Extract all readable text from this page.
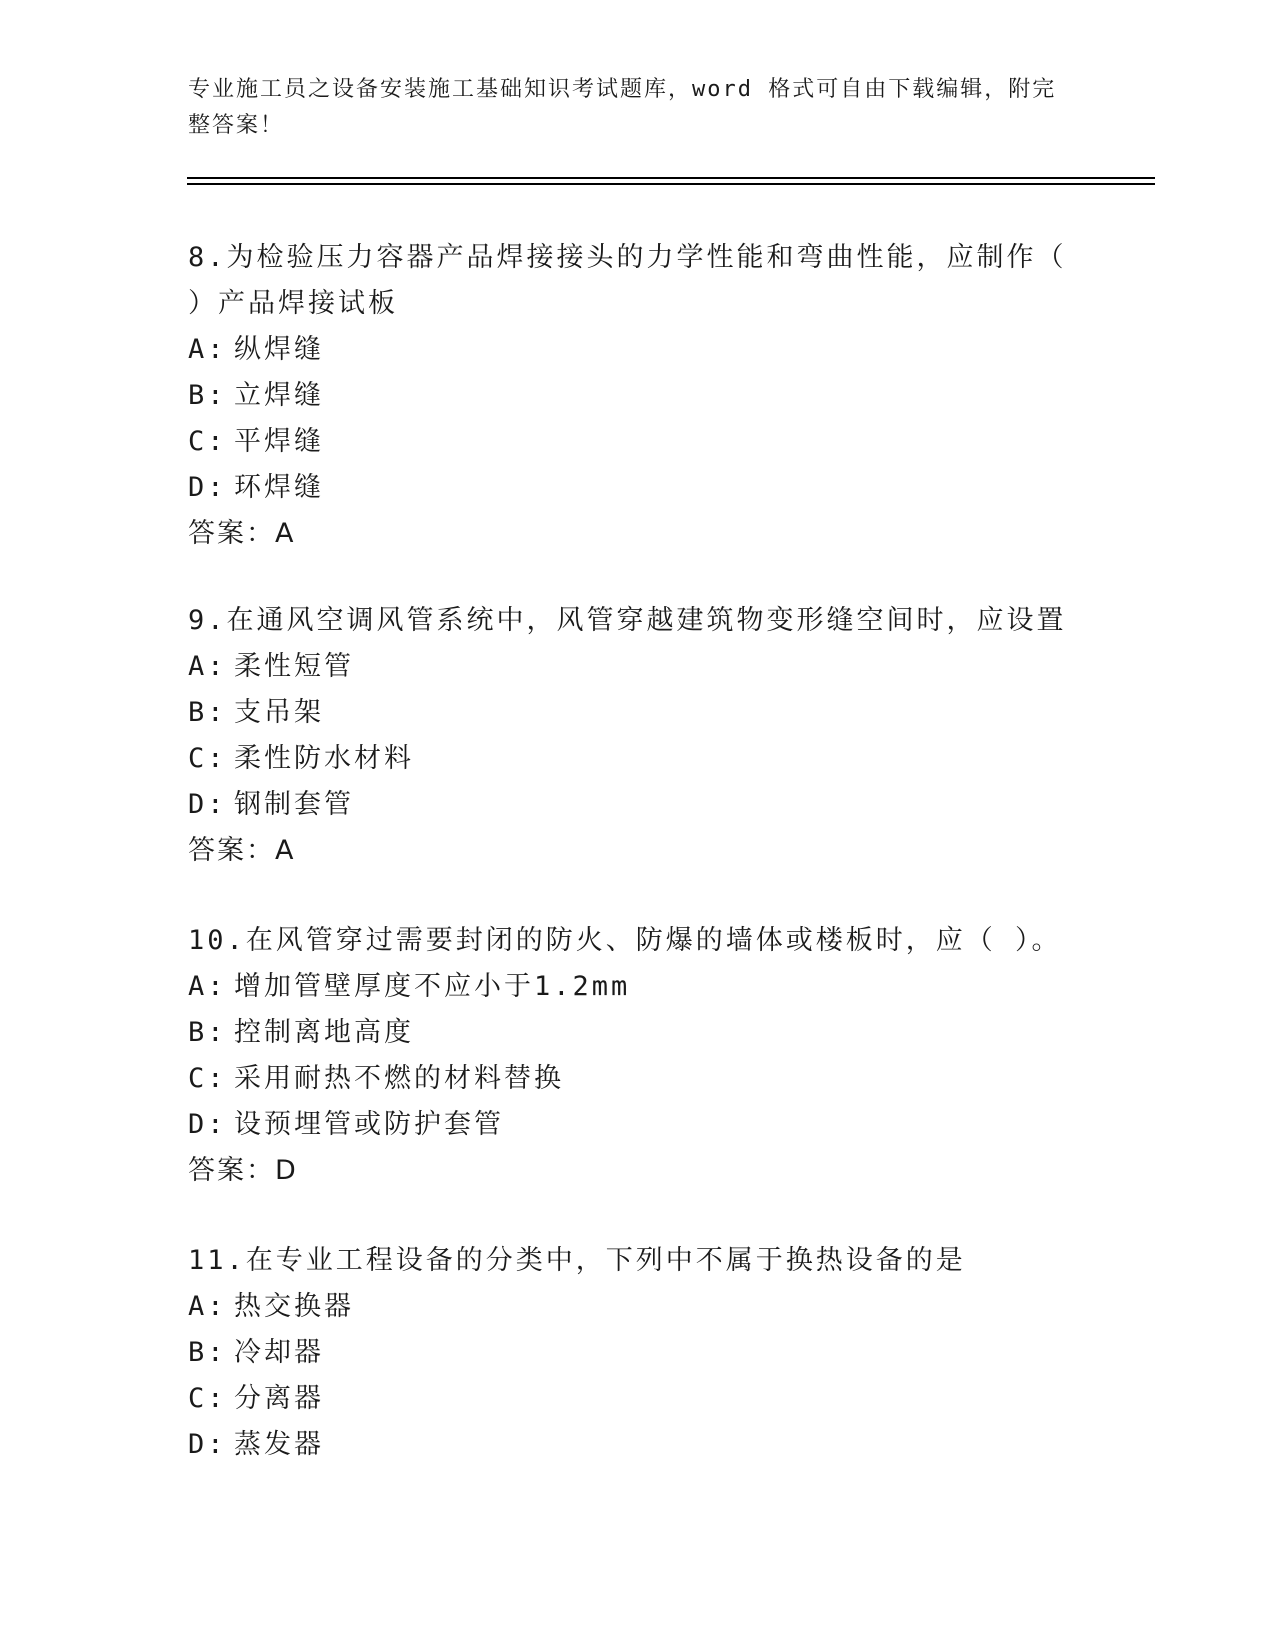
专业施工员之设备安装施工基础知识考试题库，word 格式可自由下载编辑，附完整答案！

8.为检验压力容器产品焊接接头的力学性能和弯曲性能，应制作（ ）产品焊接试板

A: 纵焊缝

B: 立焊缝

C: 平焊缝

D: 环焊缝

答案：A

9.在通风空调风管系统中，风管穿越建筑物变形缝空间时，应设置

A: 柔性短管

B: 支吊架

C: 柔性防水材料

D: 钢制套管

答案：A

10.在风管穿过需要封闭的防火、防爆的墙体或楼板时，应（ ）。

A: 增加管壁厚度不应小于1.2mm

B: 控制离地高度

C: 采用耐热不燃的材料替换

D: 设预埋管或防护套管

答案：D

11.在专业工程设备的分类中，下列中不属于换热设备的是

A: 热交换器

B: 冷却器

C: 分离器

D: 蒸发器
